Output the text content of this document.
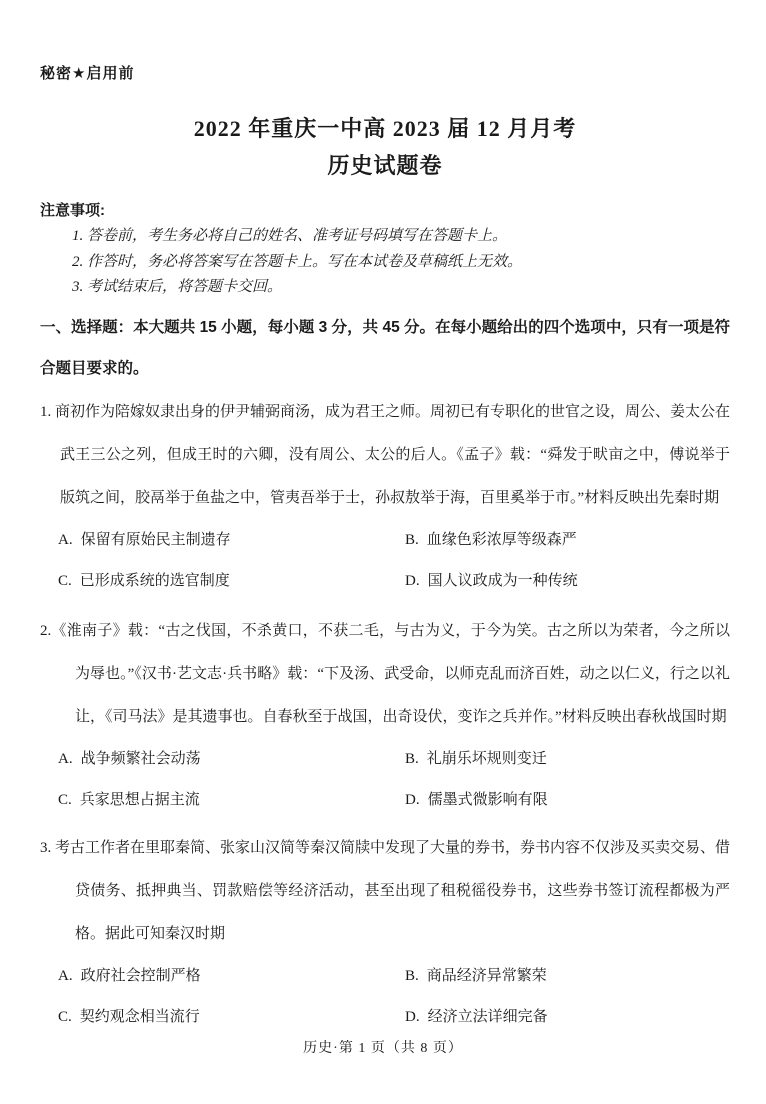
秘密★启用前
2022 年重庆一中高 2023 届 12 月月考
历史试题卷
注意事项:
1. 答卷前，考生务必将自己的姓名、准考证号码填写在答题卡上。
2. 作答时，务必将答案写在答题卡上。写在本试卷及草稿纸上无效。
3. 考试结束后，将答题卡交回。
一、选择题：本大题共 15 小题，每小题 3 分，共 45 分。在每小题给出的四个选项中，只有一项是符合题目要求的。

1. 商初作为陪嫁奴隶出身的伊尹辅弼商汤，成为君王之师。周初已有专职化的世官之设，周公、姜太公在武王三公之列，但成王时的六卿，没有周公、太公的后人。《孟子》载：“舜发于畎亩之中，傅说举于版筑之间，胶鬲举于鱼盐之中，管夷吾举于士，孙叔敖举于海，百里奚举于市。”材料反映出先秦时期

A. 保留有原始民主制遗存	B. 血缘色彩浓厚等级森严
C. 已形成系统的选官制度	D. 国人议政成为一种传统

2.《淮南子》载：“古之伐国，不杀黄口，不获二毛，与古为义，于今为笑。古之所以为荣者，今之所以为辱也。”《汉书·艺文志·兵书略》载：“下及汤、武受命，以师克乱而济百姓，动之以仁义，行之以礼让，《司马法》是其遗事也。自春秋至于战国，出奇设伏，变诈之兵并作。”材料反映出春秋战国时期

A. 战争频繁社会动荡	B. 礼崩乐坏规则变迁
C. 兵家思想占据主流	D. 儒墨式微影响有限

3. 考古工作者在里耶秦简、张家山汉简等秦汉简牍中发现了大量的券书，券书内容不仅涉及买卖交易、借贷债务、抵押典当、罚款赔偿等经济活动，甚至出现了租税徭役券书，这些券书签订流程都极为严格。据此可知秦汉时期

A. 政府社会控制严格	B. 商品经济异常繁荣
C. 契约观念相当流行	D. 经济立法详细完备
历史·第 1 页（共 8 页）
